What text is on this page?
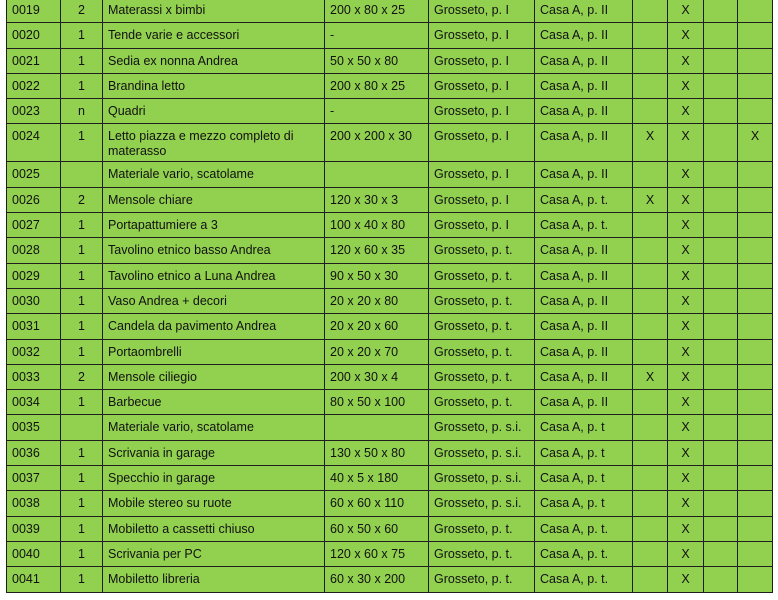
0019	2	Materassi x bimbi	200 x 80 x 25	Grosseto, p. I	Casa A, p. II		X		

0020	1	Tende varie e accessori	-	Grosseto, p. I	Casa A, p. II		X		

0021	1	Sedia ex nonna Andrea	50 x 50 x 80	Grosseto, p. I	Casa A, p. II		X		

0022	1	Brandina letto	200 x 80 x 25	Grosseto, p. I	Casa A, p. II		X		

0023	n	Quadri	-	Grosseto, p. I	Casa A, p. II		X		

0024	1	Letto piazza e mezzo completo di materasso	200 x 200 x 30	Grosseto, p. I	Casa A, p. II	X	X		X

0025		Materiale vario, scatolame		Grosseto, p. I	Casa A, p. II		X		

0026	2	Mensole chiare	120 x 30 x 3	Grosseto, p. I	Casa A, p. t.	X	X		

0027	1	Portapattumiere a 3	100 x 40 x 80	Grosseto, p. I	Casa A, p. t.		X		

0028	1	Tavolino etnico basso Andrea	120 x 60 x 35	Grosseto, p. t.	Casa A, p. II		X		

0029	1	Tavolino etnico a Luna Andrea	90 x 50 x 30	Grosseto, p. t.	Casa A, p. II		X		

0030	1	Vaso Andrea + decori	20 x 20 x 80	Grosseto, p. t.	Casa A, p. II		X		

0031	1	Candela da pavimento Andrea	20 x 20 x 60	Grosseto, p. t.	Casa A, p. II		X		

0032	1	Portaombrelli	20 x 20 x 70	Grosseto, p. t.	Casa A, p. II		X		

0033	2	Mensole ciliegio	200 x 30 x 4	Grosseto, p. t.	Casa A, p. II	X	X		

0034	1	Barbecue	80 x 50 x 100	Grosseto, p. t.	Casa A, p. II		X		

0035		Materiale vario, scatolame		Grosseto, p. s.i.	Casa A, p. t		X		

0036	1	Scrivania in garage	130 x 50 x 80	Grosseto, p. s.i.	Casa A, p. t		X		

0037	1	Specchio in garage	40 x 5 x 180	Grosseto, p. s.i.	Casa A, p. t		X		

0038	1	Mobile stereo su ruote	60 x 60 x 110	Grosseto, p. s.i.	Casa A, p. t		X		

0039	1	Mobiletto a cassetti chiuso	60 x 50 x 60	Grosseto, p. t.	Casa A, p. t.		X		

0040	1	Scrivania per PC	120 x 60 x 75	Grosseto, p. t.	Casa A, p. t.		X		

0041	1	Mobiletto libreria	60 x 30 x 200	Grosseto, p. t.	Casa A, p. t.		X		
